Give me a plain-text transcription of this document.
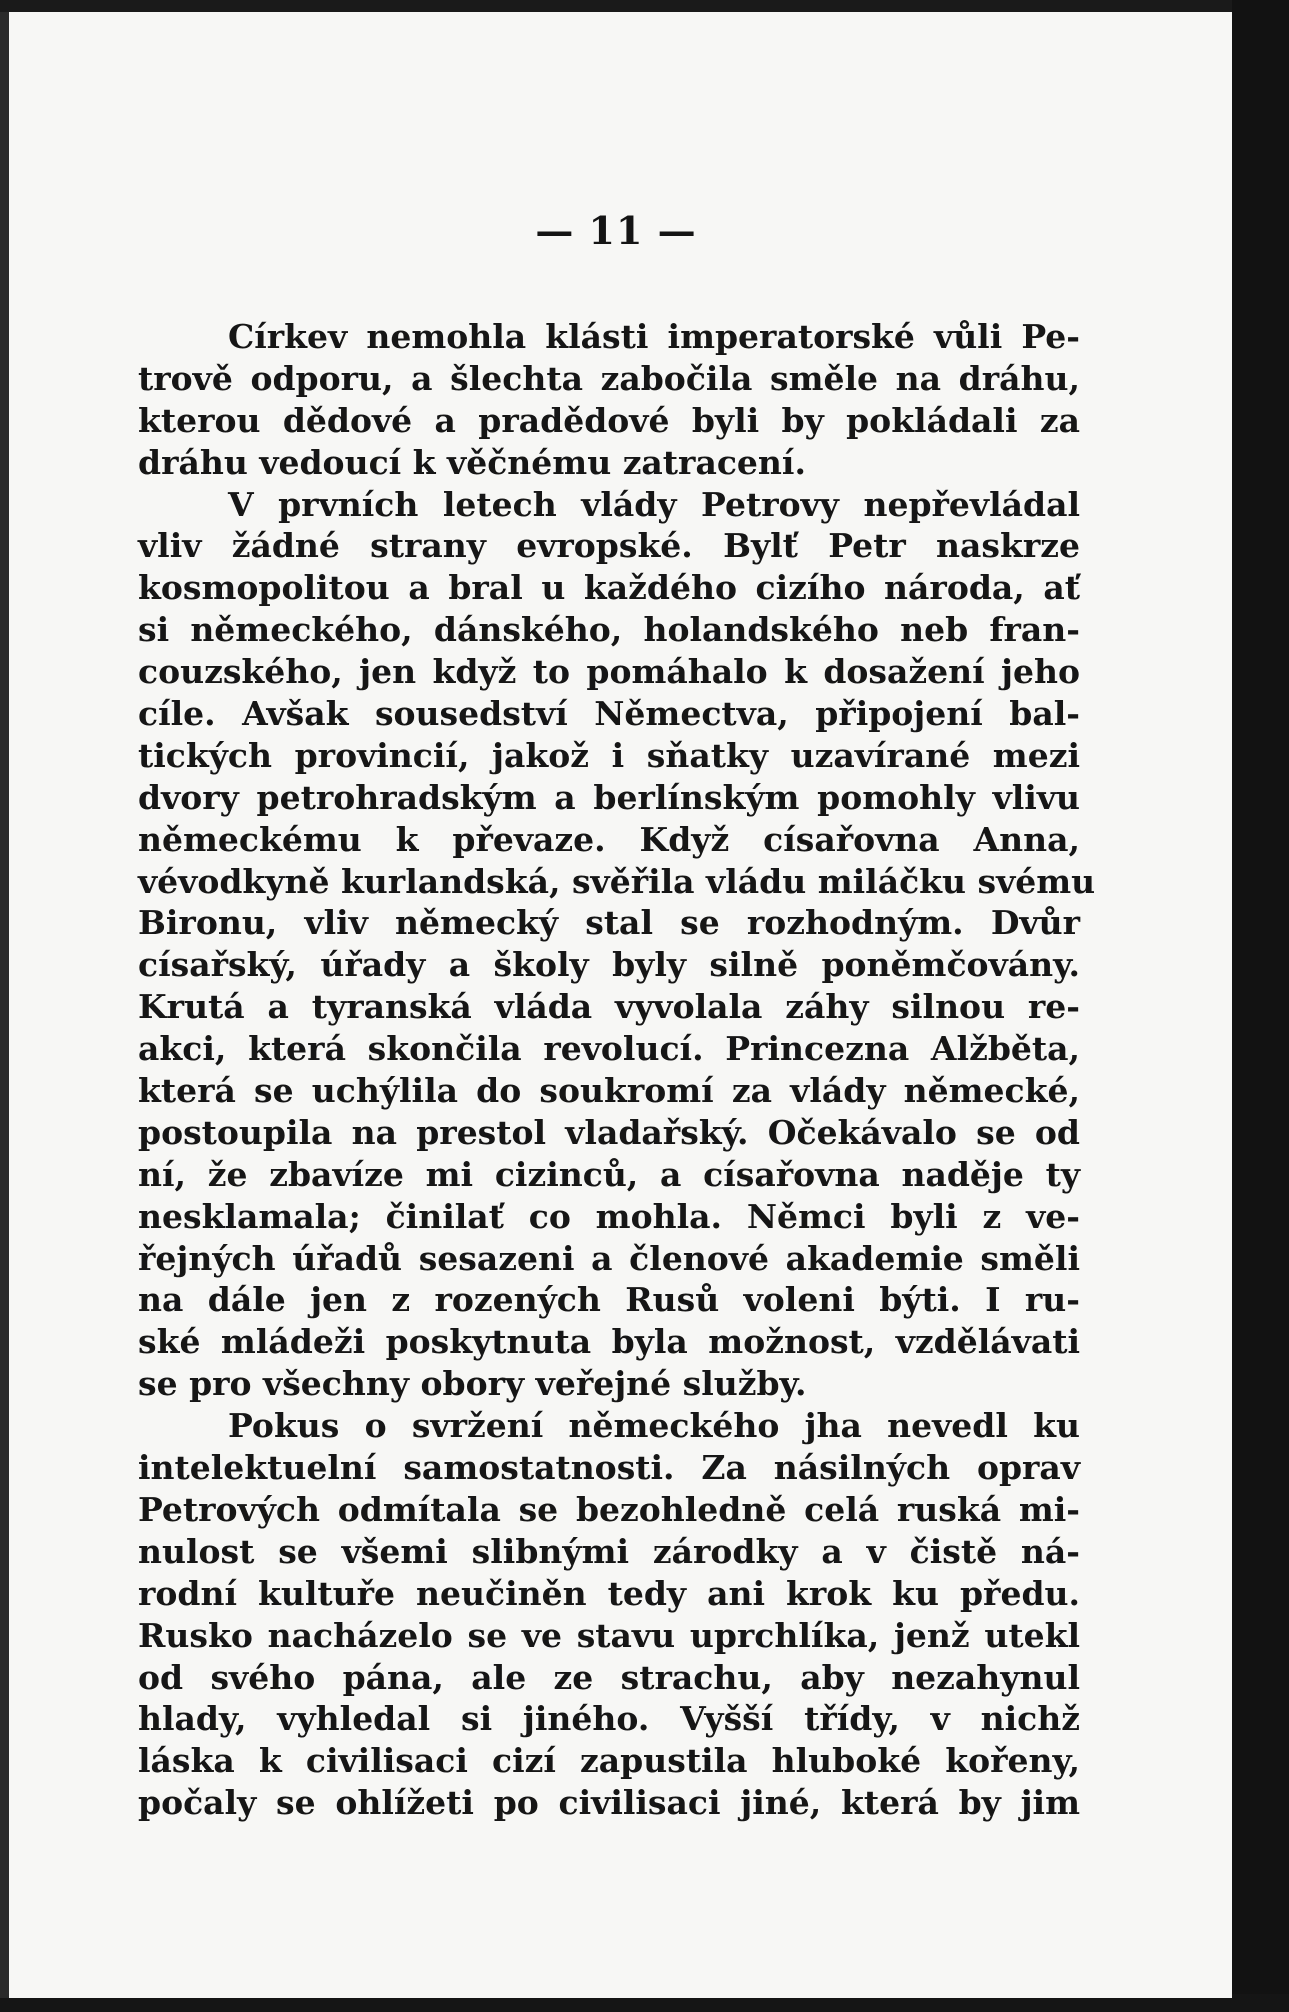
— 11 —
Církev nemohla klásti imperatorské vůli Pe-
trově odporu, a šlechta zabočila směle na dráhu,
kterou dědové a pradědové byli by pokládali za
dráhu vedoucí k věčnému zatracení.
V prvních letech vlády Petrovy nepřevládal
vliv žádné strany evropské. Bylť Petr naskrze
kosmopolitou a bral u každého cizího národa, ať
si německého, dánského, holandského neb fran-
couzského, jen když to pomáhalo k dosažení jeho
cíle. Avšak sousedství Němectva, připojení bal-
tických provincií, jakož i sňatky uzavírané mezi
dvory petrohradským a berlínským pomohly vlivu
německému k převaze. Když císařovna Anna,
vévodkyně kurlandská, svěřila vládu miláčku svému
Bironu, vliv německý stal se rozhodným. Dvůr
císařský, úřady a školy byly silně poněmčovány.
Krutá a tyranská vláda vyvolala záhy silnou re-
akci, která skončila revolucí. Princezna Alžběta,
která se uchýlila do soukromí za vlády německé,
postoupila na prestol vladařský. Očekávalo se od
ní, že zbavíze mi cizinců, a císařovna naděje ty
nesklamala; činilať co mohla. Němci byli z ve-
řejných úřadů sesazeni a členové akademie směli
na dále jen z rozených Rusů voleni býti. I ru-
ské mládeži poskytnuta byla možnost, vzdělávati
se pro všechny obory veřejné služby.
Pokus o svržení německého jha nevedl ku
intelektuelní samostatnosti. Za násilných oprav
Petrových odmítala se bezohledně celá ruská mi-
nulost se všemi slibnými zárodky a v čistě ná-
rodní kultuře neučiněn tedy ani krok ku předu.
Rusko nacházelo se ve stavu uprchlíka, jenž utekl
od svého pána, ale ze strachu, aby nezahynul
hlady, vyhledal si jiného. Vyšší třídy, v nichž
láska k civilisaci cizí zapustila hluboké kořeny,
počaly se ohlížeti po civilisaci jiné, která by jim
